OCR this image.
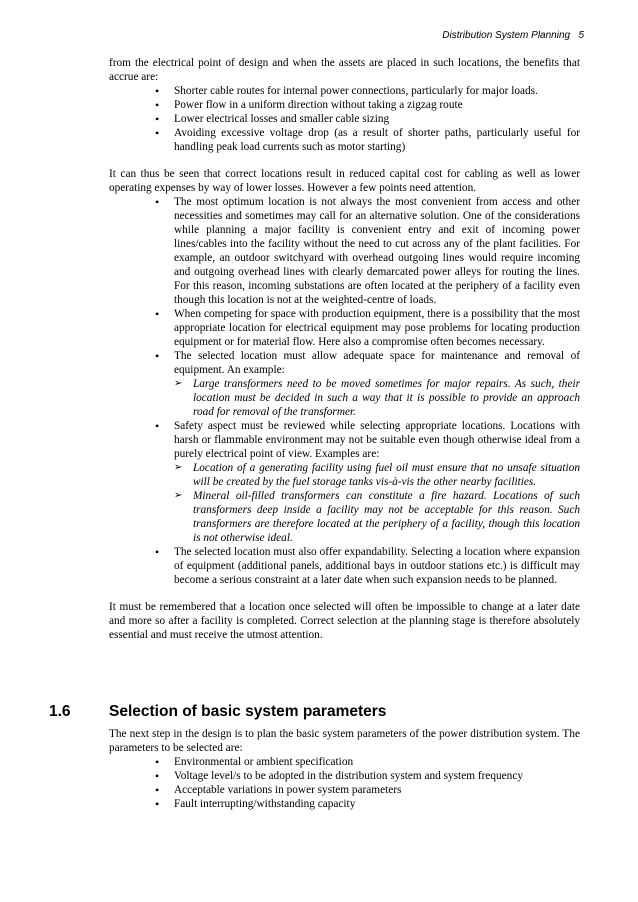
Distribution System Planning 5

from the electrical point of design and when the assets are placed in such locations, the benefits that accrue are:

• Shorter cable routes for internal power connections, particularly for major loads.
• Power flow in a uniform direction without taking a zigzag route
• Lower electrical losses and smaller cable sizing
• Avoiding excessive voltage drop (as a result of shorter paths, particularly useful for handling peak load currents such as motor starting)

It can thus be seen that correct locations result in reduced capital cost for cabling as well as lower operating expenses by way of lower losses. However a few points need attention.

• The most optimum location is not always the most convenient from access and other necessities and sometimes may call for an alternative solution. One of the considerations while planning a major facility is convenient entry and exit of incoming power lines/cables into the facility without the need to cut across any of the plant facilities. For example, an outdoor switchyard with overhead outgoing lines would require incoming and outgoing overhead lines with clearly demarcated power alleys for routing the lines. For this reason, incoming substations are often located at the periphery of a facility even though this location is not at the weighted-centre of loads.
• When competing for space with production equipment, there is a possibility that the most appropriate location for electrical equipment may pose problems for locating production equipment or for material flow. Here also a compromise often becomes necessary.
• The selected location must allow adequate space for maintenance and removal of equipment. An example:
➢ Large transformers need to be moved sometimes for major repairs. As such, their location must be decided in such a way that it is possible to provide an approach road for removal of the transformer.
• Safety aspect must be reviewed while selecting appropriate locations. Locations with harsh or flammable environment may not be suitable even though otherwise ideal from a purely electrical point of view. Examples are:
➢ Location of a generating facility using fuel oil must ensure that no unsafe situation will be created by the fuel storage tanks vis-à-vis the other nearby facilities.
➢ Mineral oil-filled transformers can constitute a fire hazard. Locations of such transformers deep inside a facility may not be acceptable for this reason. Such transformers are therefore located at the periphery of a facility, though this location is not otherwise ideal.
• The selected location must also offer expandability. Selecting a location where expansion of equipment (additional panels, additional bays in outdoor stations etc.) is difficult may become a serious constraint at a later date when such expansion needs to be planned.

It must be remembered that a location once selected will often be impossible to change at a later date and more so after a facility is completed. Correct selection at the planning stage is therefore absolutely essential and must receive the utmost attention.

1.6 Selection of basic system parameters

The next step in the design is to plan the basic system parameters of the power distribution system. The parameters to be selected are:

• Environmental or ambient specification
• Voltage level/s to be adopted in the distribution system and system frequency
• Acceptable variations in power system parameters
• Fault interrupting/withstanding capacity
